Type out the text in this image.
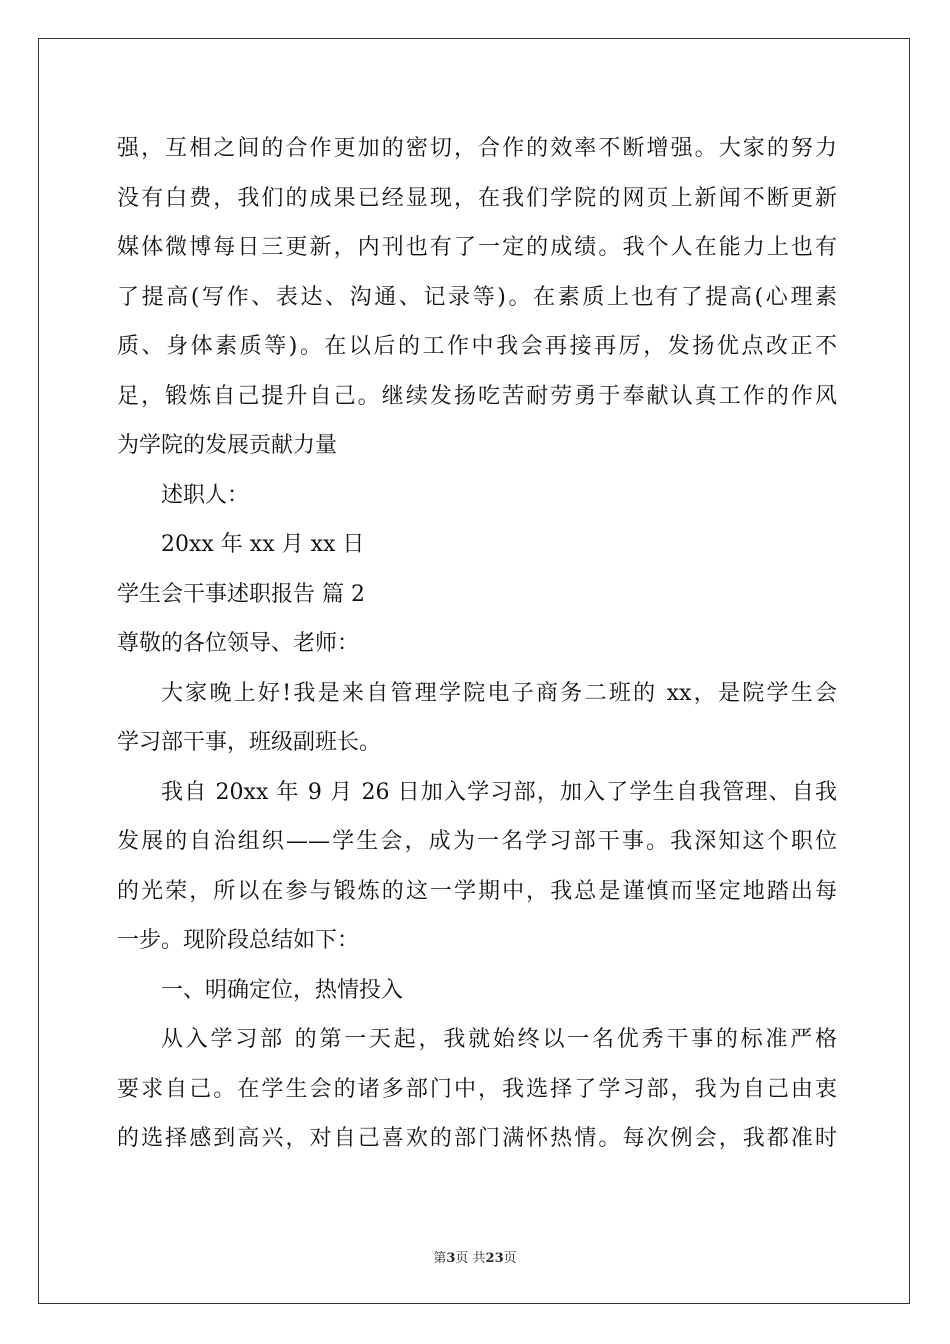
强，互相之间的合作更加的密切，合作的效率不断增强。大家的努力
没有白费，我们的成果已经显现，在我们学院的网页上新闻不断更新
媒体微博每日三更新，内刊也有了一定的成绩。我个人在能力上也有
了提高(写作、表达、沟通、记录等)。在素质上也有了提高(心理素
质、身体素质等)。在以后的工作中我会再接再厉，发扬优点改正不
足，锻炼自己提升自己。继续发扬吃苦耐劳勇于奉献认真工作的作风
为学院的发展贡献力量
述职人：
20xx 年 xx 月 xx 日
学生会干事述职报告 篇 2
尊敬的各位领导、老师：
大家晚上好!我是来自管理学院电子商务二班的 xx，是院学生会
学习部干事，班级副班长。
我自 20xx 年 9 月 26 日加入学习部，加入了学生自我管理、自我
发展的自治组织——学生会，成为一名学习部干事。我深知这个职位
的光荣，所以在参与锻炼的这一学期中，我总是谨慎而坚定地踏出每
一步。现阶段总结如下：
一、明确定位，热情投入
从入学习部 的第一天起，我就始终以一名优秀干事的标准严格
要求自己。在学生会的诸多部门中，我选择了学习部，我为自己由衷
的选择感到高兴，对自己喜欢的部门满怀热情。每次例会，我都准时
第3页 共23页
